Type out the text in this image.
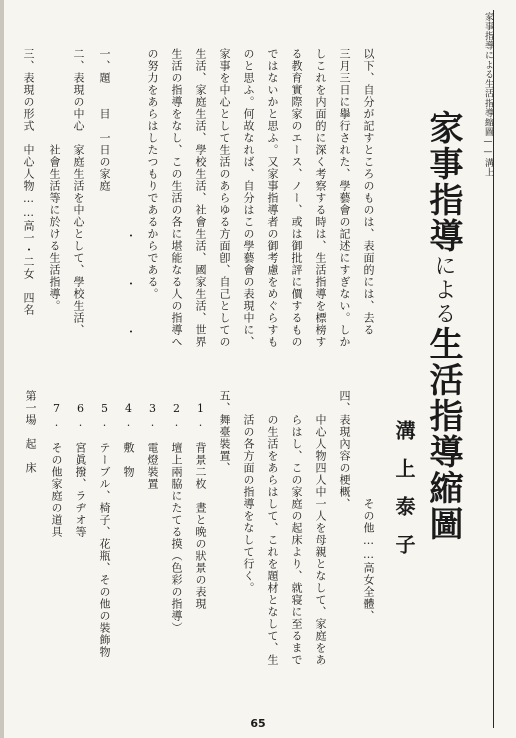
家事指導による生活指導縮圖——溝上
家事指導による生活指導縮圖
溝上泰子
以下、自分が記すところのものは、表面的には、去る
三月三日に擧行された、學藝會の記述にすぎない。しか
しこれを内面的に深く考察する時は、生活指導を標榜す
る教育實際家のエース、ノー、或は御批評に價するもの
ではないかと思ふ。又家事指導者の御考慮をめぐらすも
のと思ふ。何故なれば、自分はこの學藝會の表現中に、
家事を中心として生活のあらゆる方面卽、自己としての
生活、家庭生活、學校生活、社會生活、國家生活、世界
生活の指導をなし、この生活の各に堪能なる人の指導へ
の努力をあらはしたつもりであるからである。
・　　　・　　　・
一、題　　目　一日の家庭
二、表現の中心　家庭生活を中心として、學校生活、
　　　　　　　　社會生活等に於ける生活指導。
三、表現の形式　中心人物……高一・二女　四名
　　　　　　　　　その他……高女全體、
四、表現內容の梗概、
　　中心人物四人中一人を母親となして、家庭をあ
　　らはし、この家庭の起床より、就寝に至るまで
　　の生活をあらはして、これを題材となして、生
　　活の各方面の指導をなして行く。
五、舞臺裝置、
　1.　背景二枚　晝と晩の狀景の表現
　2.　壇上兩脇にたてる摸（色彩の指導）
　3.　電燈裝置
　4.　敷　物
　5.　テーブル、椅子、花瓶、その他の裝飾物
　6.　宮眞撥、ラヂオ等
　7.　その他家庭の道具
第一場　起　床
65
